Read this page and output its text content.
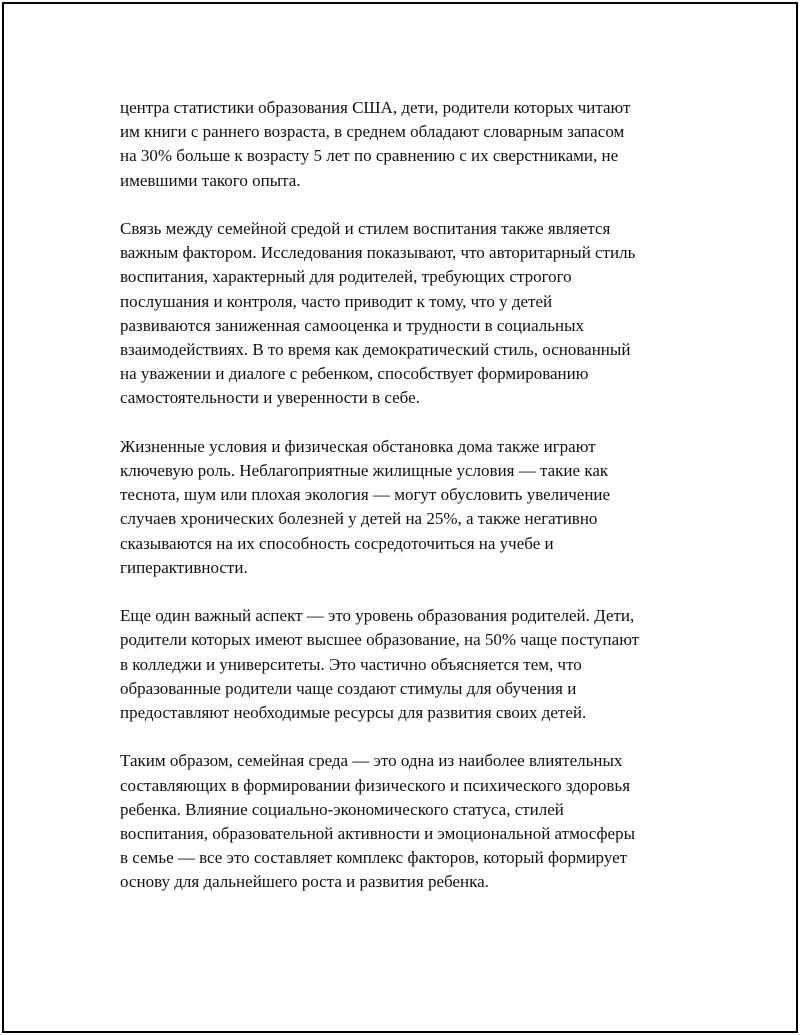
центра статистики образования США, дети, родители которых читают
им книги с раннего возраста, в среднем обладают словарным запасом
на 30% больше к возрасту 5 лет по сравнению с их сверстниками, не
имевшими такого опыта.

Связь между семейной средой и стилем воспитания также является
важным фактором. Исследования показывают, что авторитарный стиль
воспитания, характерный для родителей, требующих строгого
послушания и контроля, часто приводит к тому, что у детей
развиваются заниженная самооценка и трудности в социальных
взаимодействиях. В то время как демократический стиль, основанный
на уважении и диалоге с ребенком, способствует формированию
самостоятельности и уверенности в себе.

Жизненные условия и физическая обстановка дома также играют
ключевую роль. Неблагоприятные жилищные условия — такие как
теснота, шум или плохая экология — могут обусловить увеличение
случаев хронических болезней у детей на 25%, а также негативно
сказываются на их способность сосредоточиться на учебе и
гиперактивности.

Еще один важный аспект — это уровень образования родителей. Дети,
родители которых имеют высшее образование, на 50% чаще поступают
в колледжи и университеты. Это частично объясняется тем, что
образованные родители чаще создают стимулы для обучения и
предоставляют необходимые ресурсы для развития своих детей.

Таким образом, семейная среда — это одна из наиболее влиятельных
составляющих в формировании физического и психического здоровья
ребенка. Влияние социально-экономического статуса, стилей
воспитания, образовательной активности и эмоциональной атмосферы
в семье — все это составляет комплекс факторов, который формирует
основу для дальнейшего роста и развития ребенка.
